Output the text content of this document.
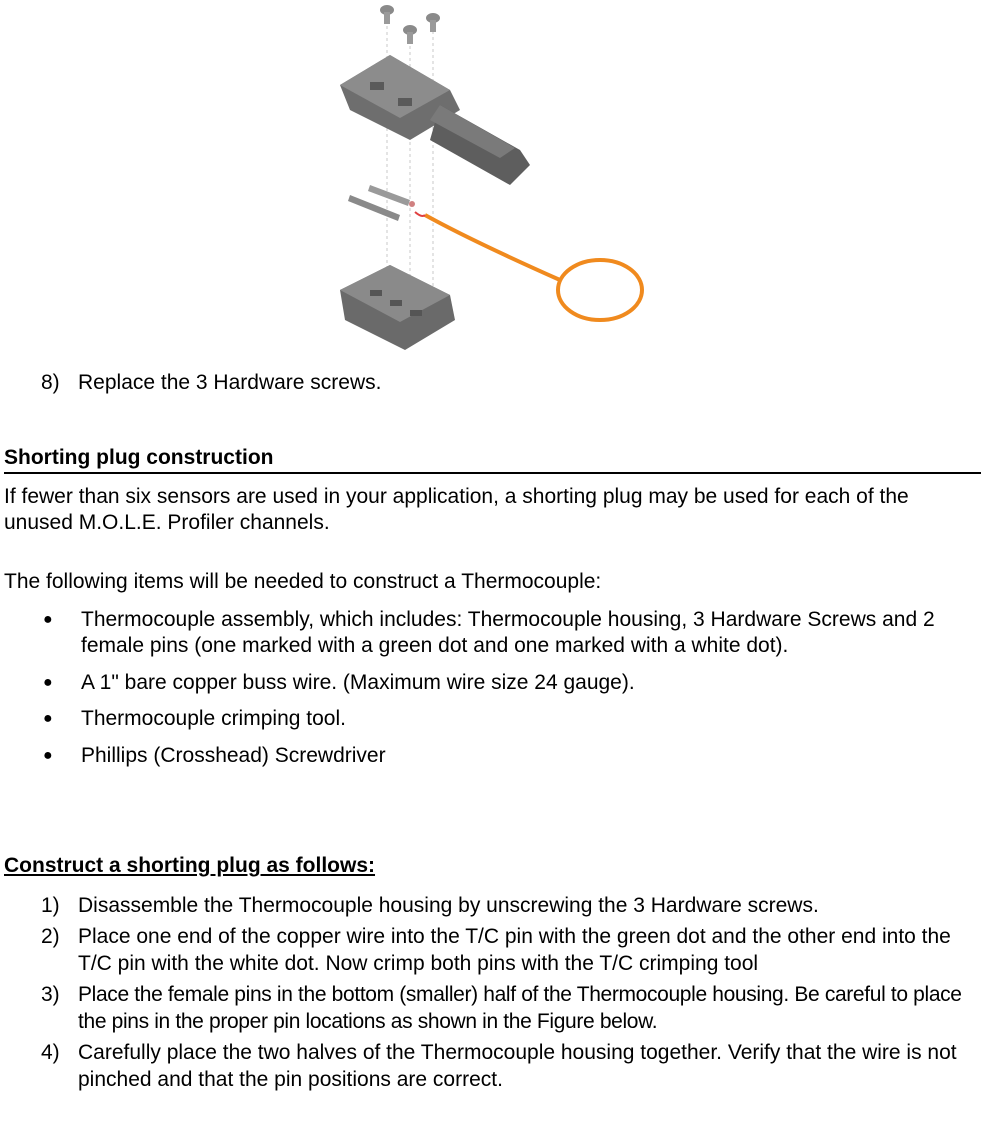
8) Replace the 3 Hardware screws.
Shorting plug construction
If fewer than six sensors are used in your application, a shorting plug may be used for each of the unused M.O.L.E. Profiler channels.
The following items will be needed to construct a Thermocouple:
●	Thermocouple assembly, which includes: Thermocouple housing, 3 Hardware Screws and 2 female pins (one marked with a green dot and one marked with a white dot).
●	A 1" bare copper buss wire. (Maximum wire size 24 gauge).
●	Thermocouple crimping tool.
●	Phillips (Crosshead) Screwdriver
Construct a shorting plug as follows:
1) Disassemble the Thermocouple housing by unscrewing the 3 Hardware screws.
2) Place one end of the copper wire into the T/C pin with the green dot and the other end into the T/C pin with the white dot. Now crimp both pins with the T/C crimping tool
3) Place the female pins in the bottom (smaller) half of the Thermocouple housing. Be careful to place the pins in the proper pin locations as shown in the Figure below.
4) Carefully place the two halves of the Thermocouple housing together. Verify that the wire is not pinched and that the pin positions are correct.
